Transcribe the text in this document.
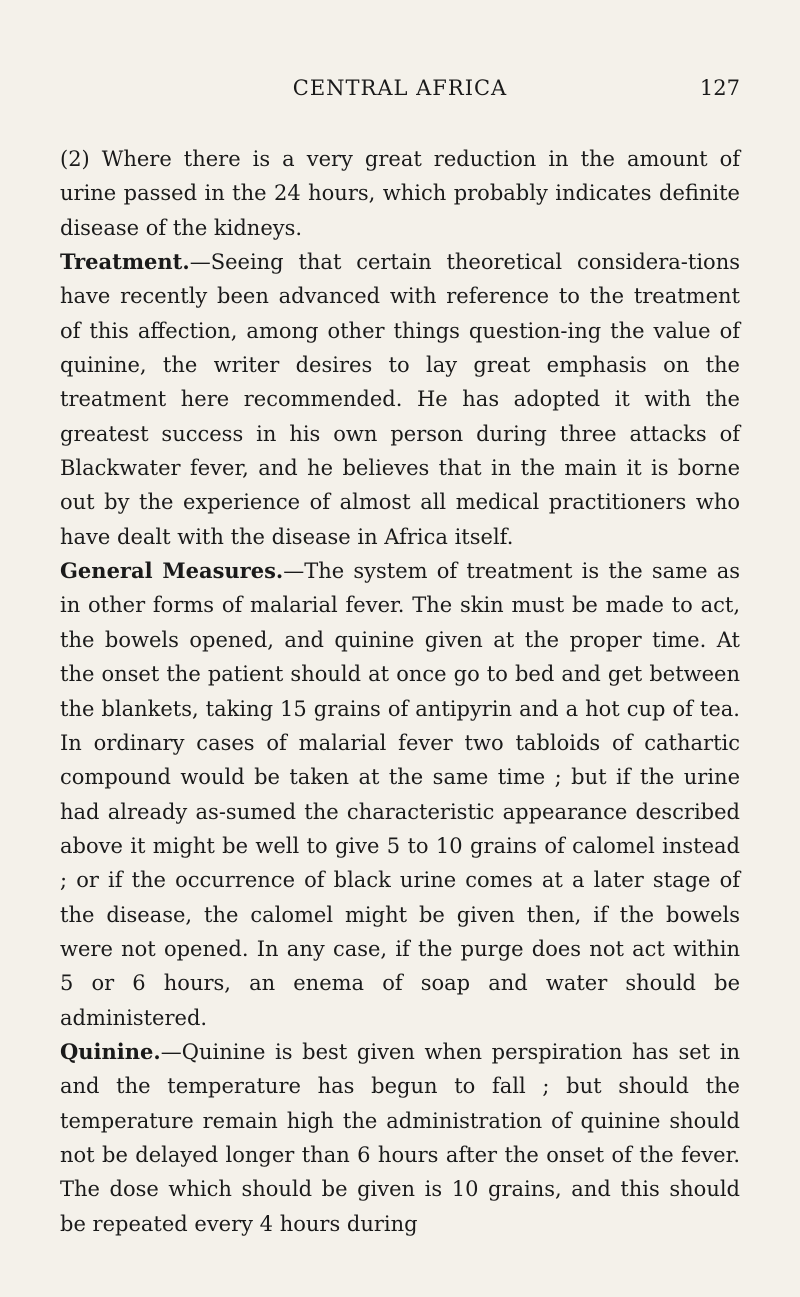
CENTRAL AFRICA	127

(2) Where there is a very great reduction in the amount of urine passed in the 24 hours, which probably indicates definite disease of the kidneys.

Treatment.—Seeing that certain theoretical considera-tions have recently been advanced with reference to the treatment of this affection, among other things question-ing the value of quinine, the writer desires to lay great emphasis on the treatment here recommended. He has adopted it with the greatest success in his own person during three attacks of Blackwater fever, and he believes that in the main it is borne out by the experience of almost all medical practitioners who have dealt with the disease in Africa itself.

General Measures.—The system of treatment is the same as in other forms of malarial fever. The skin must be made to act, the bowels opened, and quinine given at the proper time. At the onset the patient should at once go to bed and get between the blankets, taking 15 grains of antipyrin and a hot cup of tea. In ordinary cases of malarial fever two tabloids of cathartic compound would be taken at the same time ; but if the urine had already as-sumed the characteristic appearance described above it might be well to give 5 to 10 grains of calomel instead ; or if the occurrence of black urine comes at a later stage of the disease, the calomel might be given then, if the bowels were not opened. In any case, if the purge does not act within 5 or 6 hours, an enema of soap and water should be administered.

Quinine.—Quinine is best given when perspiration has set in and the temperature has begun to fall ; but should the temperature remain high the administration of quinine should not be delayed longer than 6 hours after the onset of the fever. The dose which should be given is 10 grains, and this should be repeated every 4 hours during
